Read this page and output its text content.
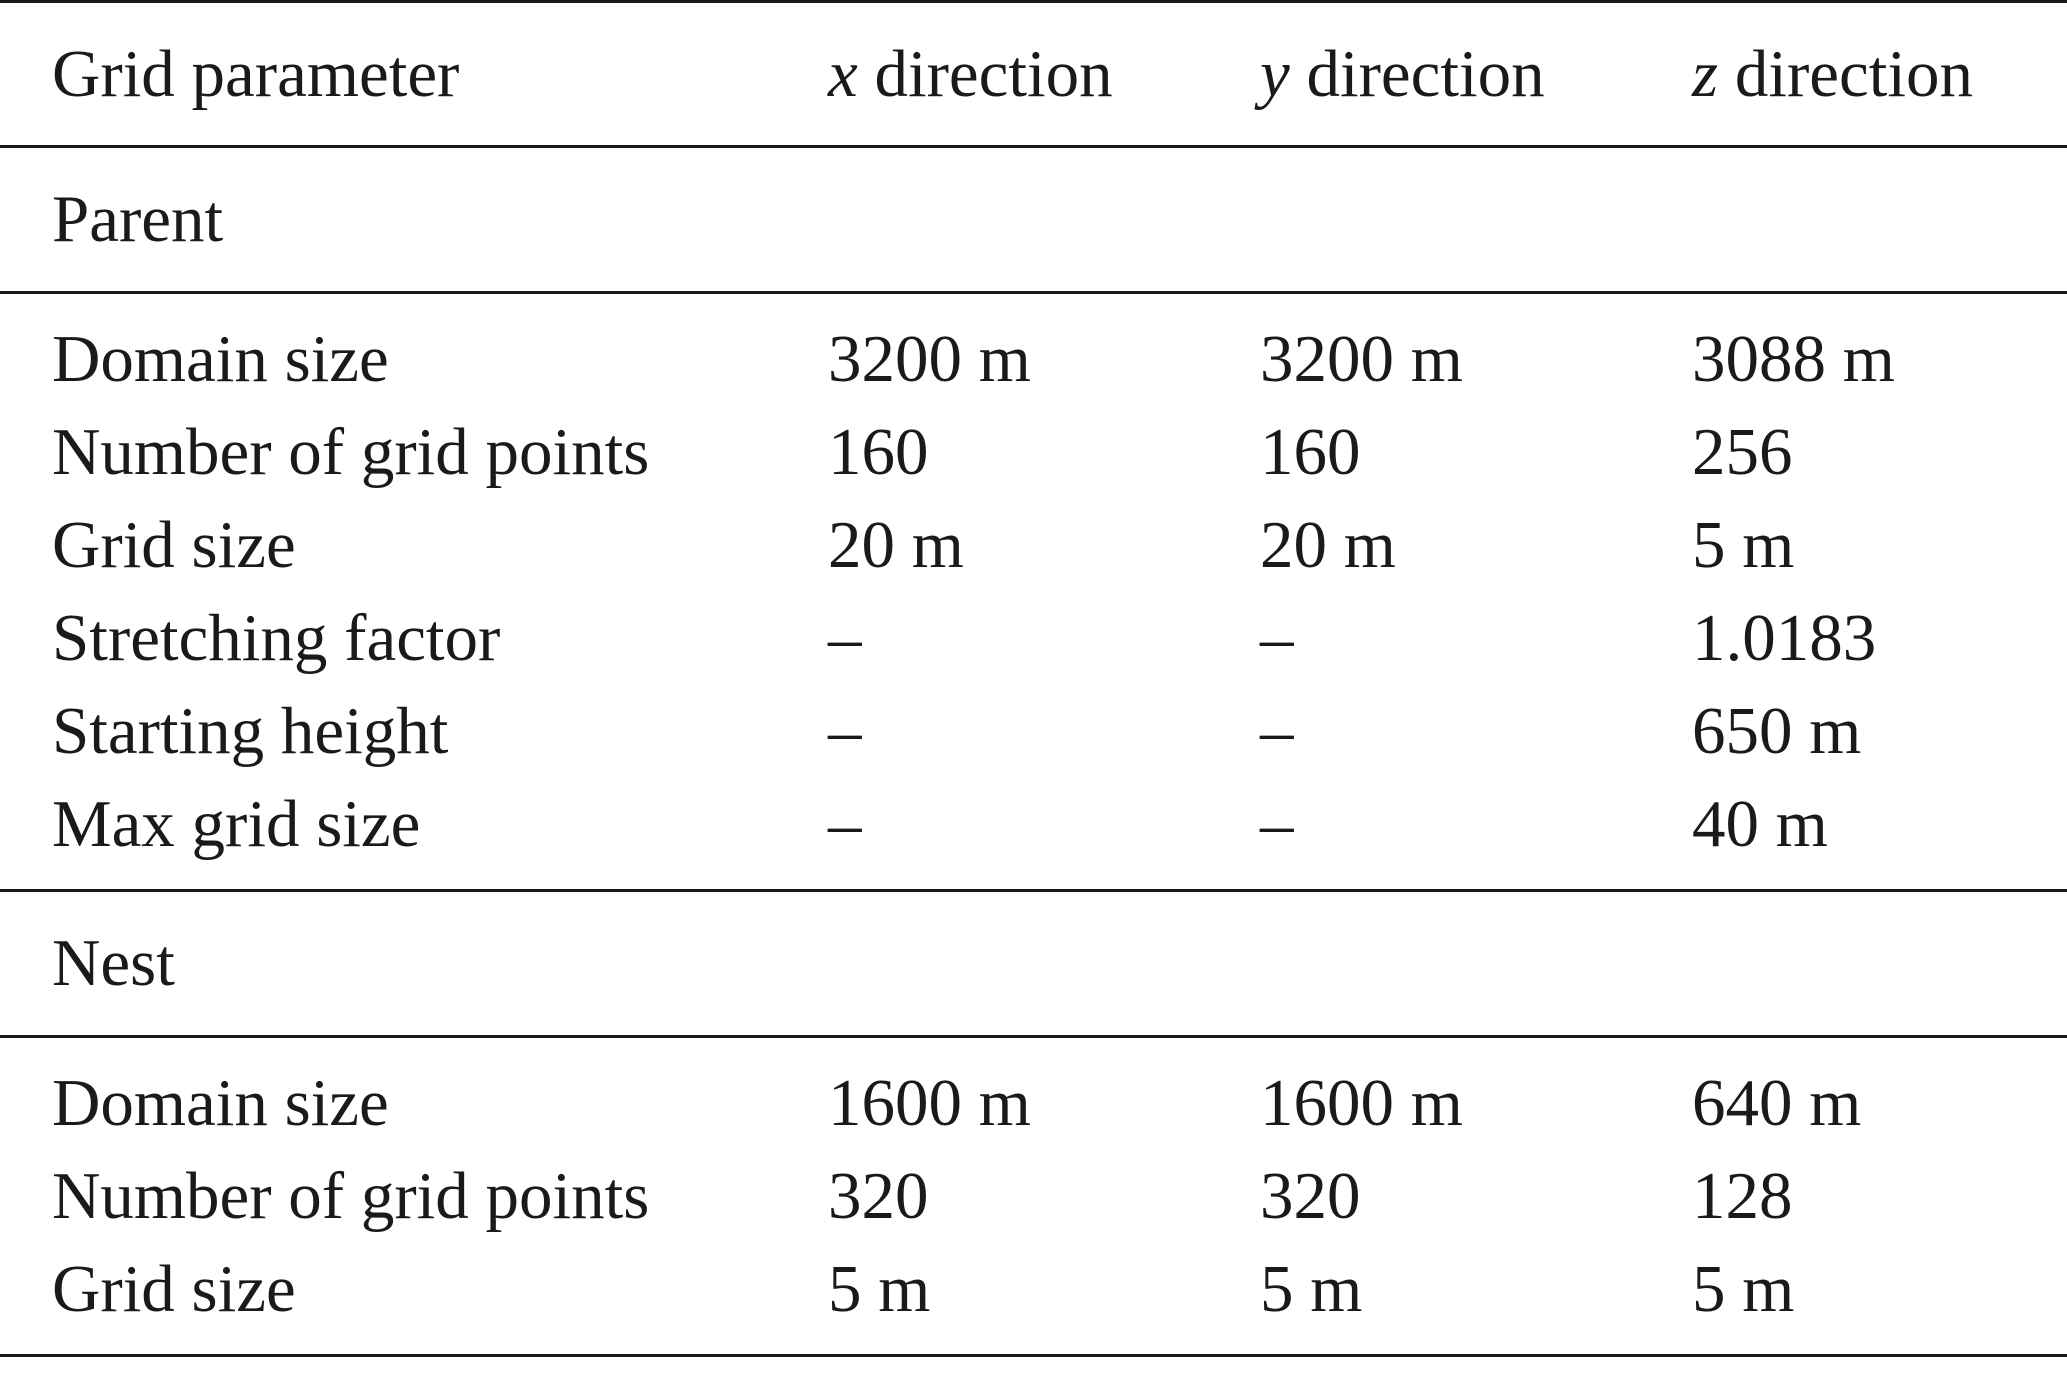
Grid parameter	x direction	y direction	z direction
Parent			

Domain size	3200 m	3200 m	3088 m
Number of grid points	160	160	256
Grid size	20 m	20 m	5 m
Stretching factor	–	–	1.0183
Starting height	–	–	650 m
Max grid size	–	–	40 m

Nest			

Domain size	1600 m	1600 m	640 m
Number of grid points	320	320	128
Grid size	5 m	5 m	5 m
